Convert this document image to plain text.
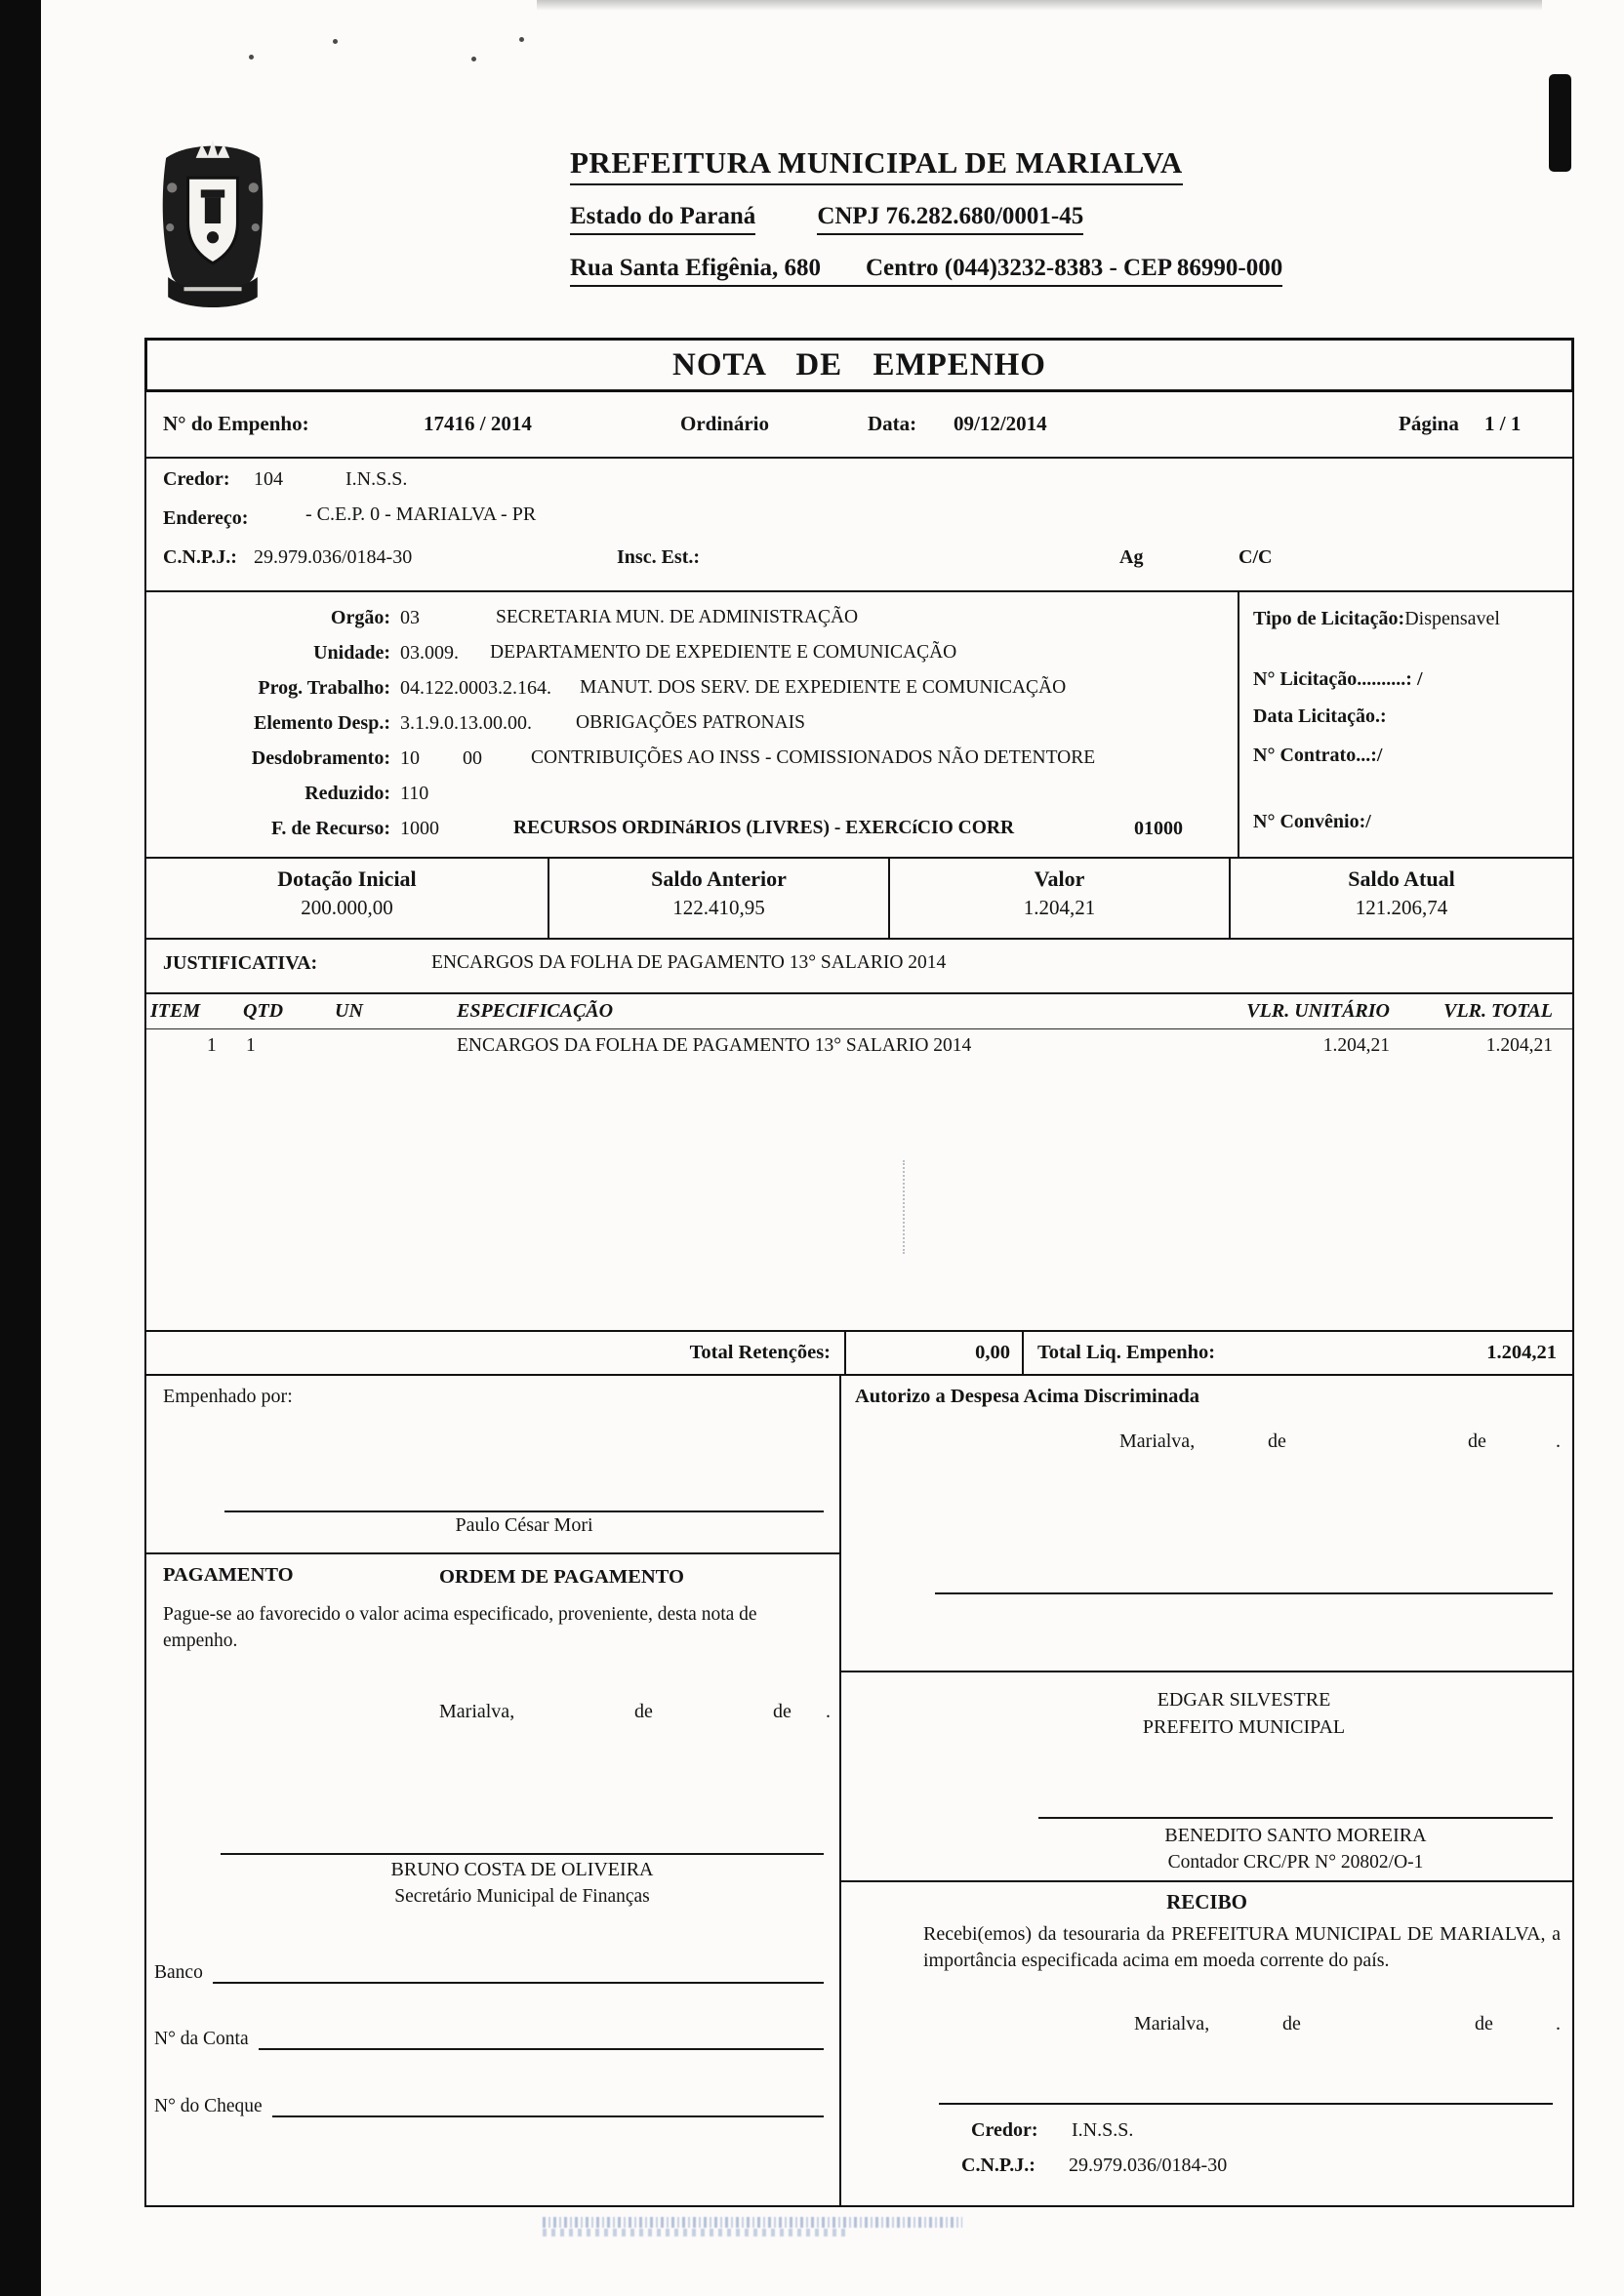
PREFEITURA MUNICIPAL DE MARIALVA
Estado do Paraná	CNPJ 76.282.680/0001-45
Rua Santa Efigênia, 680 Centro (044)3232-8383 - CEP 86990-000
NOTA DE EMPENHO
N° do Empenho:	17416 / 2014	Ordinário	Data: 09/12/2014	Página 1 / 1
Credor: 104	I.N.S.S.
Endereço:	- C.E.P. 0 - MARIALVA - PR
C.N.P.J.: 29.979.036/0184-30	Insc. Est.:	Ag	C/C
Orgão: 03	SECRETARIA MUN. DE ADMINISTRAÇÃO
Unidade: 03.009.	DEPARTAMENTO DE EXPEDIENTE E COMUNICAÇÃO
Prog. Trabalho: 04.122.0003.2.164.	MANUT. DOS SERV. DE EXPEDIENTE E COMUNICAÇÃO
Elemento Desp.: 3.1.9.0.13.00.00.	OBRIGAÇÕES PATRONAIS
Desdobramento: 10	00	CONTRIBUIÇÕES AO INSS - COMISSIONADOS NÃO DETENTORE
Reduzido: 110
F. de Recurso: 1000	RECURSOS ORDINáRIOS (LIVRES) - EXERCíCIO CORR	01000
Tipo de Licitação:Dispensavel
N° Licitação..........: /
Data Licitação.:
N° Contrato...:/
N° Convênio:/
Dotação Inicial
200.000,00
Saldo Anterior
122.410,95
Valor
1.204,21
Saldo Atual
121.206,74
JUSTIFICATIVA:	ENCARGOS DA FOLHA DE PAGAMENTO 13° SALARIO 2014
ITEM QTD	UN	ESPECIFICAÇÃO	VLR. UNITÁRIO	VLR. TOTAL
1 1	ENCARGOS DA FOLHA DE PAGAMENTO 13° SALARIO 2014	1.204,21	1.204,21
Total Retenções:	0,00	Total Liq. Empenho:	1.204,21
Empenhado por:
Paulo César Mori
PAGAMENTO	ORDEM DE PAGAMENTO
Pague-se ao favorecido o valor acima especificado, proveniente, desta nota de empenho.
Marialva,	de	de .
BRUNO COSTA DE OLIVEIRA
Secretário Municipal de Finanças
Banco
N° da Conta
N° do Cheque
Autorizo a Despesa Acima Discriminada
Marialva,	de	de	.
EDGAR SILVESTRE
PREFEITO MUNICIPAL
BENEDITO SANTO MOREIRA
Contador CRC/PR N° 20802/O-1
RECIBO
Recebi(emos) da tesouraria da PREFEITURA MUNICIPAL DE MARIALVA, a importância especificada acima em moeda corrente do país.
Marialva,	de	de	.
Credor: I.N.S.S.
C.N.P.J.: 29.979.036/0184-30
